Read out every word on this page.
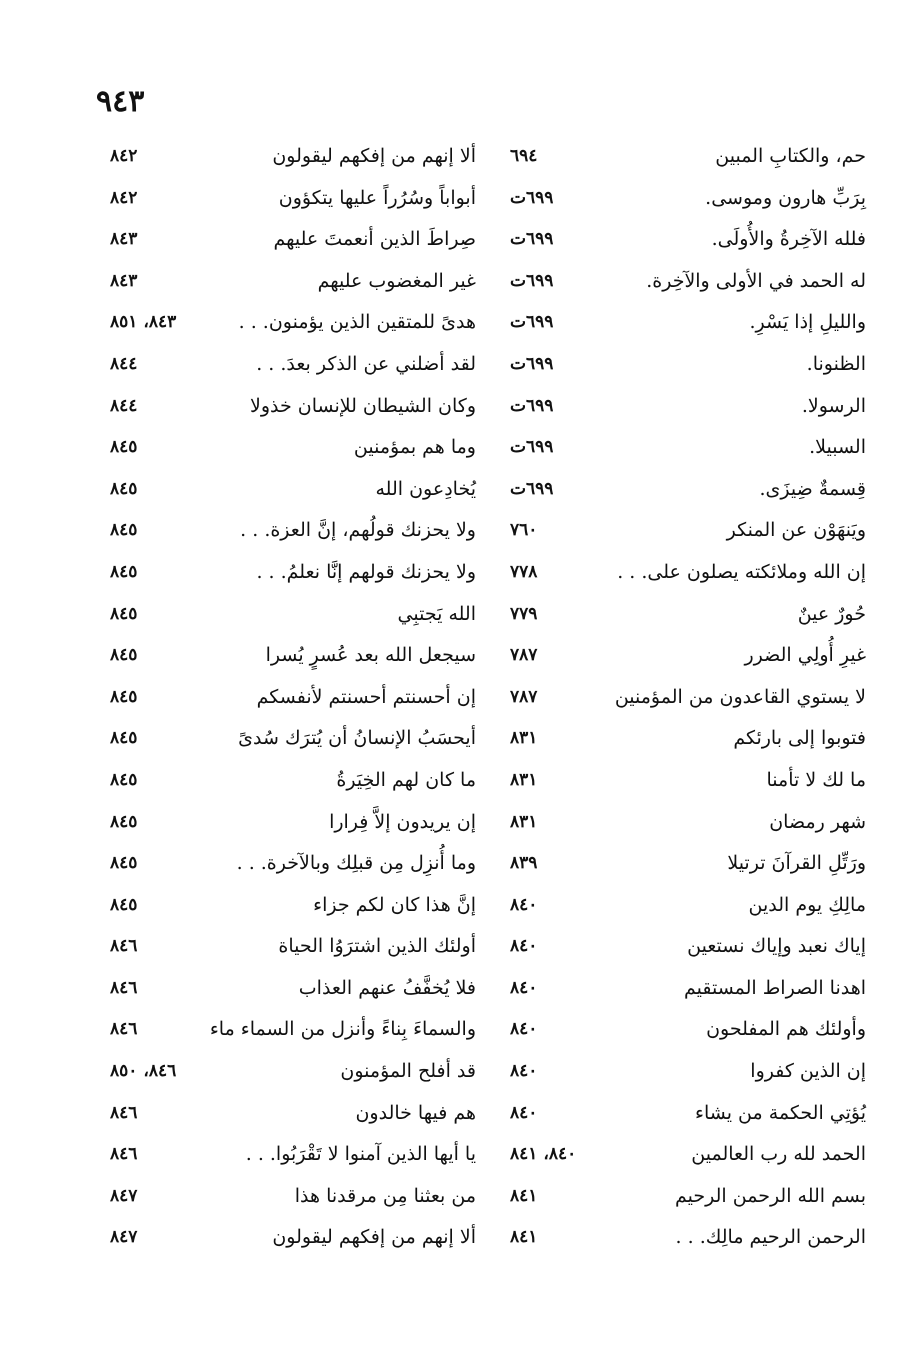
٩٤٣
حم، والكتابِ المبين
٦٩٤
بِرَبِّ هارون وموسى.
٦٩٩ت
فلله الآخِرةُ والأُولَى.
٦٩٩ت
له الحمد في الأولى والآخِرة.
٦٩٩ت
والليلِ إذا يَسْرِ.
٦٩٩ت
الظنونا.
٦٩٩ت
الرسولا.
٦٩٩ت
السبيلا.
٦٩٩ت
قِسمةٌ ضِيزَى.
٦٩٩ت
ويَنهَوْن عن المنكر
٧٦٠
إن الله وملائكته يصلون على. . .
٧٧٨
حُورٌ عينٌ
٧٧٩
غيرِ أُولِي الضرر
٧٨٧
لا يستوي القاعدون من المؤمنين
٧٨٧
فتوبوا إلى بارئكم
٨٣١
ما لك لا تأمنا
٨٣١
شهر رمضان
٨٣١
ورَتِّلِ القرآنَ ترتيلا
٨٣٩
مالِكِ يوم الدين
٨٤٠
إياك نعبد وإياك نستعين
٨٤٠
اهدنا الصراط المستقيم
٨٤٠
وأولئك هم المفلحون
٨٤٠
إن الذين كفروا
٨٤٠
يُؤتِي الحكمة من يشاء
٨٤٠
الحمد لله رب العالمين
٨٤٠، ٨٤١
بسم الله الرحمن الرحيم
٨٤١
الرحمن الرحيم مالِك. . .
٨٤١
ألا إنهم من إفكهم ليقولون
٨٤٢
أبواباً وسُرُراً عليها يتكؤون
٨٤٢
صِراطَ الذين أنعمتَ عليهم
٨٤٣
غير المغضوب عليهم
٨٤٣
هدىً للمتقين الذين يؤمنون. . .
٨٤٣، ٨٥١
لقد أضلني عن الذكر بعدَ. . .
٨٤٤
وكان الشيطان للإنسان خذولا
٨٤٤
وما هم بمؤمنين
٨٤٥
يُخادِعون الله
٨٤٥
ولا يحزنك قولُهم، إنَّ العزة. . .
٨٤٥
ولا يحزنك قولهم إنَّا نعلمُ. . .
٨٤٥
الله يَجتبِي
٨٤٥
سيجعل الله بعد عُسرٍ يُسرا
٨٤٥
إن أحسنتم أحسنتم لأنفسكم
٨٤٥
أيحسَبُ الإنسانُ أن يُترَك سُدىً
٨٤٥
ما كان لهم الخِيَرةُ
٨٤٥
إن يريدون إلاَّ فِرارا
٨٤٥
وما أُنزِل مِن قبلِك وبالآخرة. . .
٨٤٥
إنَّ هذا كان لكم جزاء
٨٤٥
أولئك الذين اشترَوُا الحياة
٨٤٦
فلا يُخفَّفُ عنهم العذاب
٨٤٦
والسماءَ بِناءً وأنزل من السماء ماء
٨٤٦
قد أفلح المؤمنون
٨٤٦، ٨٥٠
هم فيها خالدون
٨٤٦
يا أيها الذين آمنوا لا تَقْرَبُوا. . .
٨٤٦
من بعثنا مِن مرقدنا هذا
٨٤٧
ألا إنهم من إفكهم ليقولون
٨٤٧
